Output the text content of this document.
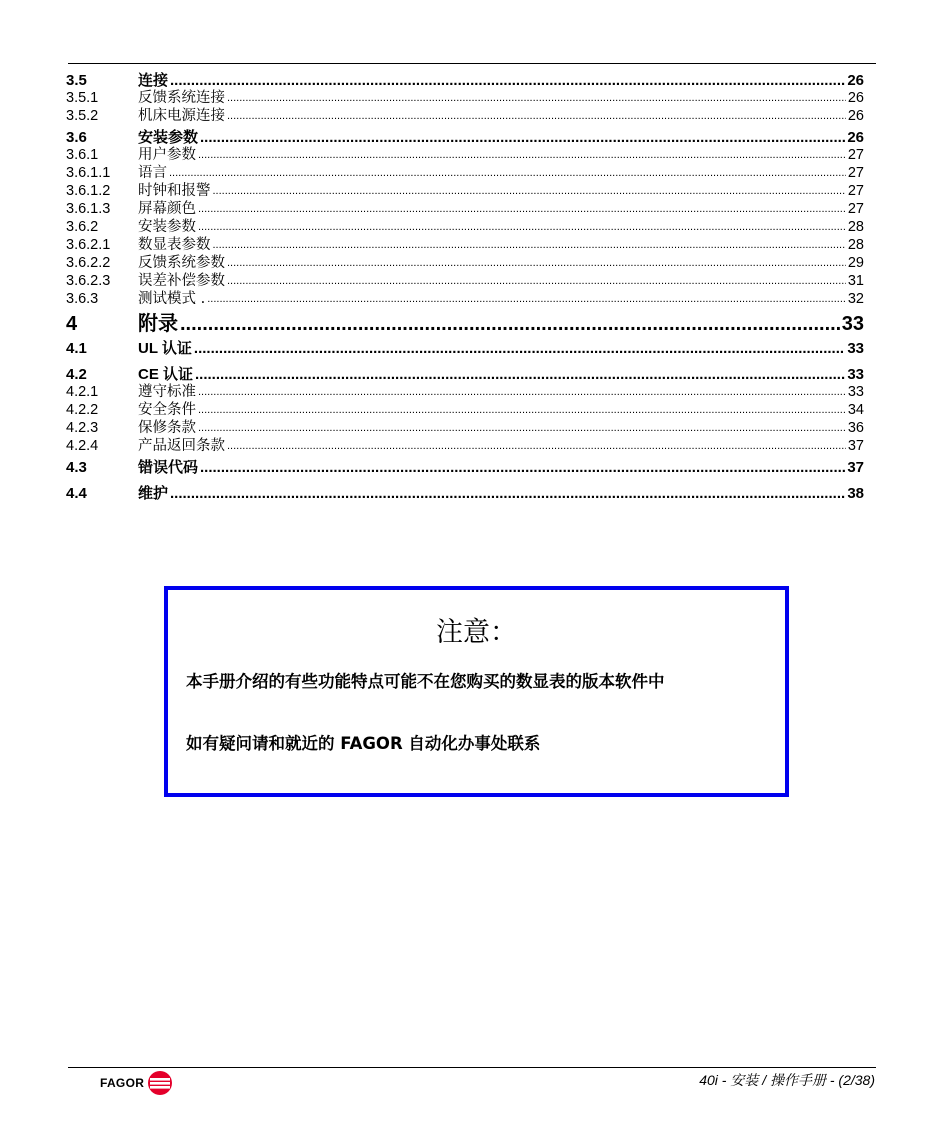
3.5	连接 .....	26
3.5.1	反馈系统连接 .....	26
3.5.2	机床电源连接 .....	26
3.6	安装参数 .....	26
3.6.1	用户参数 .....	27
3.6.1.1	语言 .....	27
3.6.1.2	时钟和报警 .....	27
3.6.1.3	屏幕颜色 .....	27
3.6.2	安装参数 .....	28
3.6.2.1	数显表参数 .....	28
3.6.2.2	反馈系统参数 .....	29
3.6.2.3	误差补偿参数 .....	31
3.6.3	测试模式 . .....	32
4	附录 .....	33
4.1	UL 认证 .....	33
4.2	CE 认证 .....	33
4.2.1	遵守标准 .....	33
4.2.2	安全条件 .....	34
4.2.3	保修条款 .....	36
4.2.4	产品返回条款 .....	37
4.3	错误代码 .....	37
4.4	维护 .....	38
注意：
本手册介绍的有些功能特点可能不在您购买的数显表的版本软件中
如有疑问请和就近的 FAGOR 自动化办事处联系
FAGOR	40i - 安装 / 操作手册 - (2/38)
